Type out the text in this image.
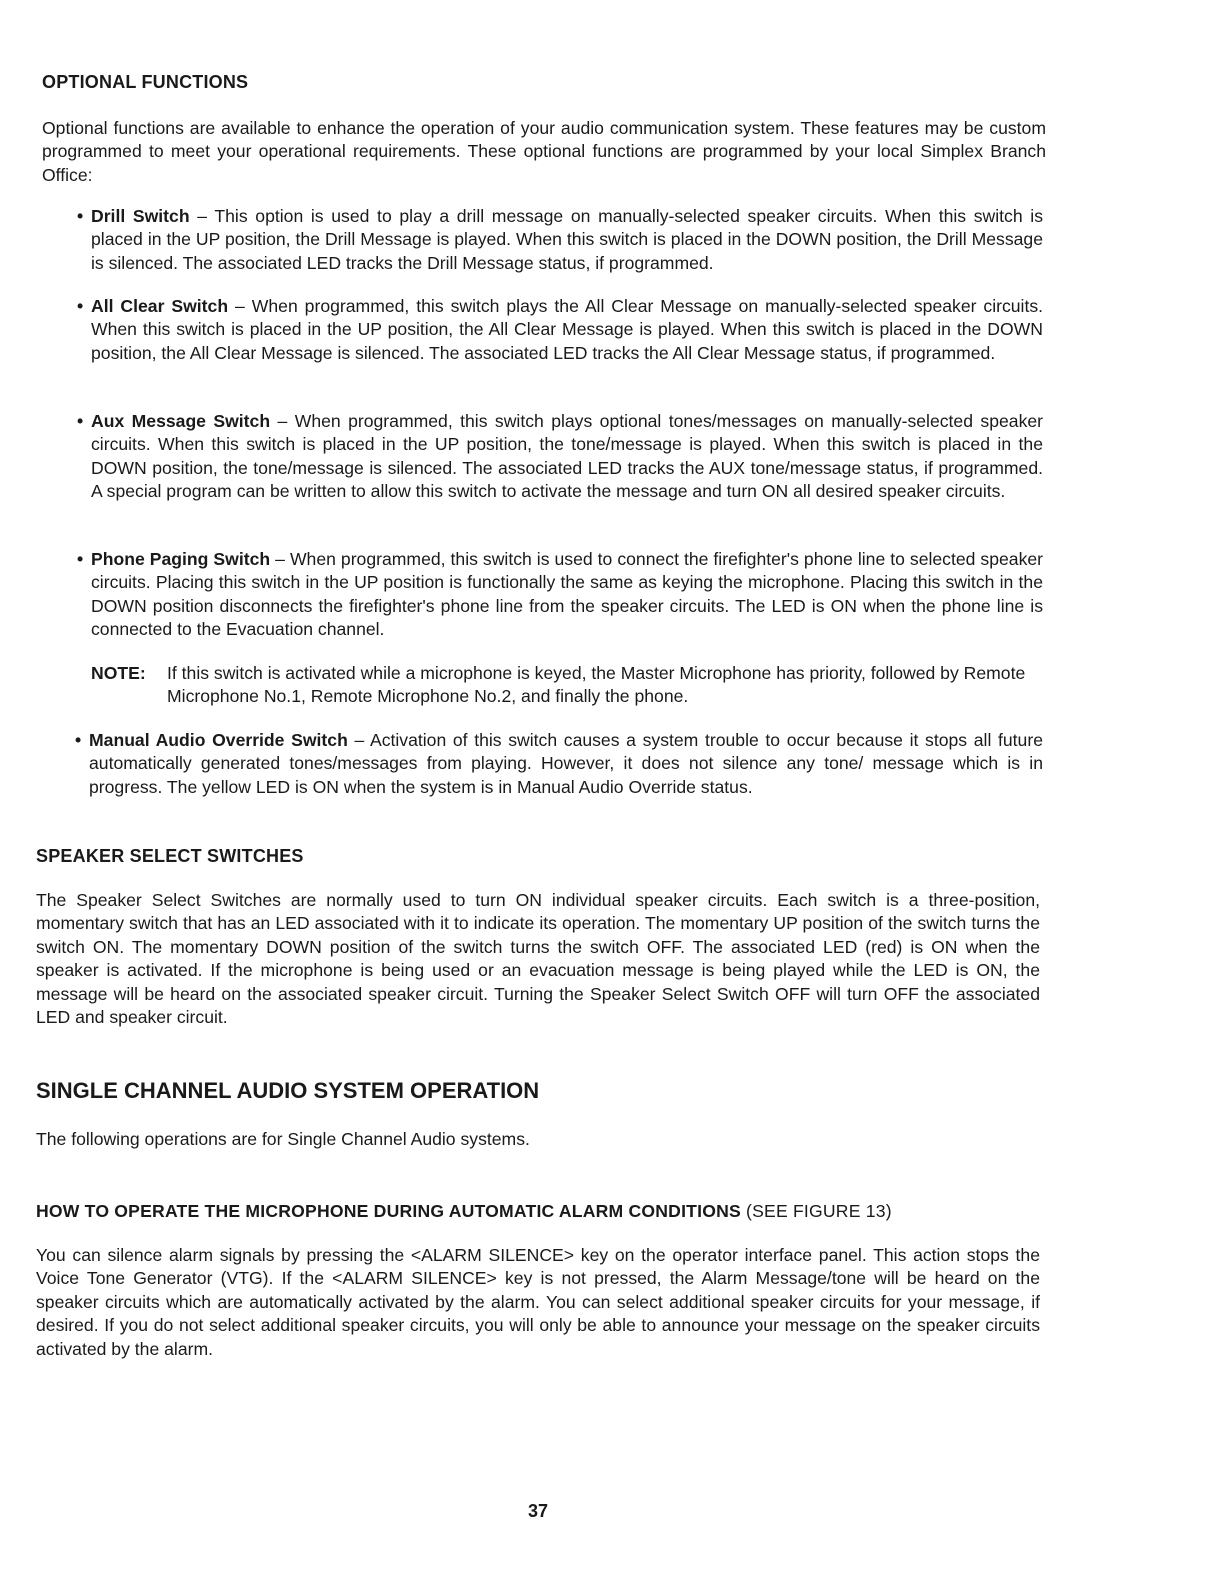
OPTIONAL FUNCTIONS

Optional functions are available to enhance the operation of your audio communication system. These features may be custom programmed to meet your operational requirements. These optional functions are programmed by your local Simplex Branch Office:

• Drill Switch – This option is used to play a drill message on manually-selected speaker circuits. When this switch is placed in the UP position, the Drill Message is played. When this switch is placed in the DOWN position, the Drill Message is silenced. The associated LED tracks the Drill Message status, if programmed.
• All Clear Switch – When programmed, this switch plays the All Clear Message on manually-selected speaker circuits. When this switch is placed in the UP position, the All Clear Message is played. When this switch is placed in the DOWN position, the All Clear Message is silenced. The associated LED tracks the All Clear Message status, if programmed.
• Aux Message Switch – When programmed, this switch plays optional tones/messages on manually-selected speaker circuits. When this switch is placed in the UP position, the tone/message is played. When this switch is placed in the DOWN position, the tone/message is silenced. The associated LED tracks the AUX tone/message status, if programmed. A special program can be written to allow this switch to activate the message and turn ON all desired speaker circuits.
• Phone Paging Switch – When programmed, this switch is used to connect the firefighter's phone line to selected speaker circuits. Placing this switch in the UP position is functionally the same as keying the microphone. Placing this switch in the DOWN position disconnects the firefighter's phone line from the speaker circuits. The LED is ON when the phone line is connected to the Evacuation channel.
NOTE: If this switch is activated while a microphone is keyed, the Master Microphone has priority, followed by Remote Microphone No.1, Remote Microphone No.2, and finally the phone.
• Manual Audio Override Switch – Activation of this switch causes a system trouble to occur because it stops all future automatically generated tones/messages from playing. However, it does not silence any tone/ message which is in progress. The yellow LED is ON when the system is in Manual Audio Override status.
SPEAKER SELECT SWITCHES

The Speaker Select Switches are normally used to turn ON individual speaker circuits. Each switch is a three-position, momentary switch that has an LED associated with it to indicate its operation. The momentary UP position of the switch turns the switch ON. The momentary DOWN position of the switch turns the switch OFF. The associated LED (red) is ON when the speaker is activated. If the microphone is being used or an evacuation message is being played while the LED is ON, the message will be heard on the associated speaker circuit. Turning the Speaker Select Switch OFF will turn OFF the associated LED and speaker circuit.

SINGLE CHANNEL AUDIO SYSTEM OPERATION

The following operations are for Single Channel Audio systems.

HOW TO OPERATE THE MICROPHONE DURING AUTOMATIC ALARM CONDITIONS (SEE FIGURE 13)

You can silence alarm signals by pressing the <ALARM SILENCE> key on the operator interface panel. This action stops the Voice Tone Generator (VTG). If the <ALARM SILENCE> key is not pressed, the Alarm Message/tone will be heard on the speaker circuits which are automatically activated by the alarm. You can select additional speaker circuits for your message, if desired. If you do not select additional speaker circuits, you will only be able to announce your message on the speaker circuits activated by the alarm.

37
